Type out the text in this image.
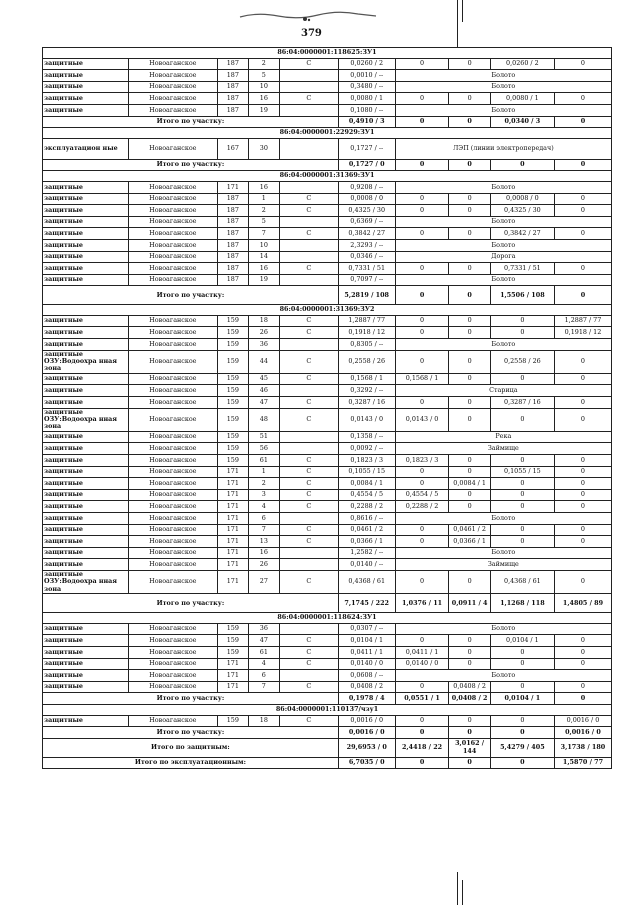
379
86:04:0000001:118625:ЗУ1									
защитные	Новоаганское	187	2	С	0,0260 / 2	0	0	0,0260 / 2	0
защитные	Новоаганское	187	5		0,0010 / --	Болото			
защитные	Новоаганское	187	10		0,3480 / --	Болото			
защитные	Новоаганское	187	16	С	0,0080 / 1	0	0	0,0080 / 1	0
защитные	Новоаганское	187	19		0,1080 / --	Болото			
Итого по участку:					0,4910 / 3	0	0	0,0340 / 3	0
86:04:0000001:22929:ЗУ1									
эксплуатацион ные	Новоаганское	167	30		0,1727 / --	ЛЭП (линии электропередач)			
Итого по участку:					0,1727 / 0	0	0	0	0
86:04:0000001:31369:ЗУ1									
защитные	Новоаганское	171	16		0,9208 / --	Болото			
защитные	Новоаганское	187	1	С	0,0008 / 0	0	0	0,0008 / 0	0
защитные	Новоаганское	187	2	С	0,4325 / 30	0	0	0,4325 / 30	0
защитные	Новоаганское	187	5		0,6369 / --	Болото			
защитные	Новоаганское	187	7	С	0,3842 / 27	0	0	0,3842 / 27	0
защитные	Новоаганское	187	10		2,3293 / --	Болото			
защитные	Новоаганское	187	14		0,0346 / --	Дорога			
защитные	Новоаганское	187	16	С	0,7331 / 51	0	0	0,7331 / 51	0
защитные	Новоаганское	187	19		0,7097 / --	Болото			
Итого по участку:					5,2819 / 108	0	0	1,5506 / 108	0
86:04:0000001:31369:ЗУ2									
защитные	Новоаганское	159	18	С	1,2887 / 77	0	0	0	1,2887 / 77
защитные	Новоаганское	159	26	С	0,1918 / 12	0	0	0	0,1918 / 12
защитные	Новоаганское	159	36		0,8305 / --	Болото			
защитные ОЗУ:Водоохра нная зона	Новоаганское	159	44	С	0,2558 / 26	0	0	0,2558 / 26	0
защитные	Новоаганское	159	45	С	0,1568 / 1	0,1568 / 1	0	0	0
защитные	Новоаганское	159	46		0,3292 / --	Старица			
защитные	Новоаганское	159	47	С	0,3287 / 16	0	0	0,3287 / 16	0
защитные ОЗУ:Водоохра нная зона	Новоаганское	159	48	С	0,0143 / 0	0,0143 / 0	0	0	0
защитные	Новоаганское	159	51		0,1358 / --	Река			
защитные	Новоаганское	159	56		0,0092 / --	Займище			
защитные	Новоаганское	159	61	С	0,1823 / 3	0,1823 / 3	0	0	0
защитные	Новоаганское	171	1	С	0,1055 / 15	0	0	0,1055 / 15	0
защитные	Новоаганское	171	2	С	0,0084 / 1	0	0,0084 / 1	0	0
защитные	Новоаганское	171	3	С	0,4554 / 5	0,4554 / 5	0	0	0
защитные	Новоаганское	171	4	С	0,2288 / 2	0,2288 / 2	0	0	0
защитные	Новоаганское	171	6		0,8616 / --	Болото			
защитные	Новоаганское	171	7	С	0,0461 / 2	0	0,0461 / 2	0	0
защитные	Новоаганское	171	13	С	0,0366 / 1	0	0,0366 / 1	0	0
защитные	Новоаганское	171	16		1,2582 / --	Болото			
защитные	Новоаганское	171	26		0,0140 / --	Займище			
защитные ОЗУ:Водоохра нная зона	Новоаганское	171	27	С	0,4368 / 61	0	0	0,4368 / 61	0
Итого по участку:					7,1745 / 222	1,0376 / 11	0,0911 / 4	1,1268 / 118	1,4805 / 89
86:04:0000001:118624:ЗУ1									
защитные	Новоаганское	159	36		0,0307 / --	Болото			
защитные	Новоаганское	159	47	С	0,0104 / 1	0	0	0,0104 / 1	0
защитные	Новоаганское	159	61	С	0,0411 / 1	0,0411 / 1	0	0	0
защитные	Новоаганское	171	4	С	0,0140 / 0	0,0140 / 0	0	0	0
защитные	Новоаганское	171	6		0,0608 / --	Болото			
защитные	Новоаганское	171	7	С	0,0408 / 2	0	0,0408 / 2	0	0
Итого по участку:					0,1978 / 4	0,0551 / 1	0,0408 / 2	0,0104 / 1	0
86:04:0000001:110137/чзу1									
защитные	Новоаганское	159	18	С	0,0016 / 0	0	0	0	0,0016 / 0
Итого по участку:					0,0016 / 0	0	0	0	0,0016 / 0
Итого по защитным:					29,6953 / 0	2,4418 / 22	3,0162 / 144	5,4279 / 405	3,1738 / 180
Итого по эксплуатационным:					6,7035 / 0	0	0	0	1,5870 / 77
